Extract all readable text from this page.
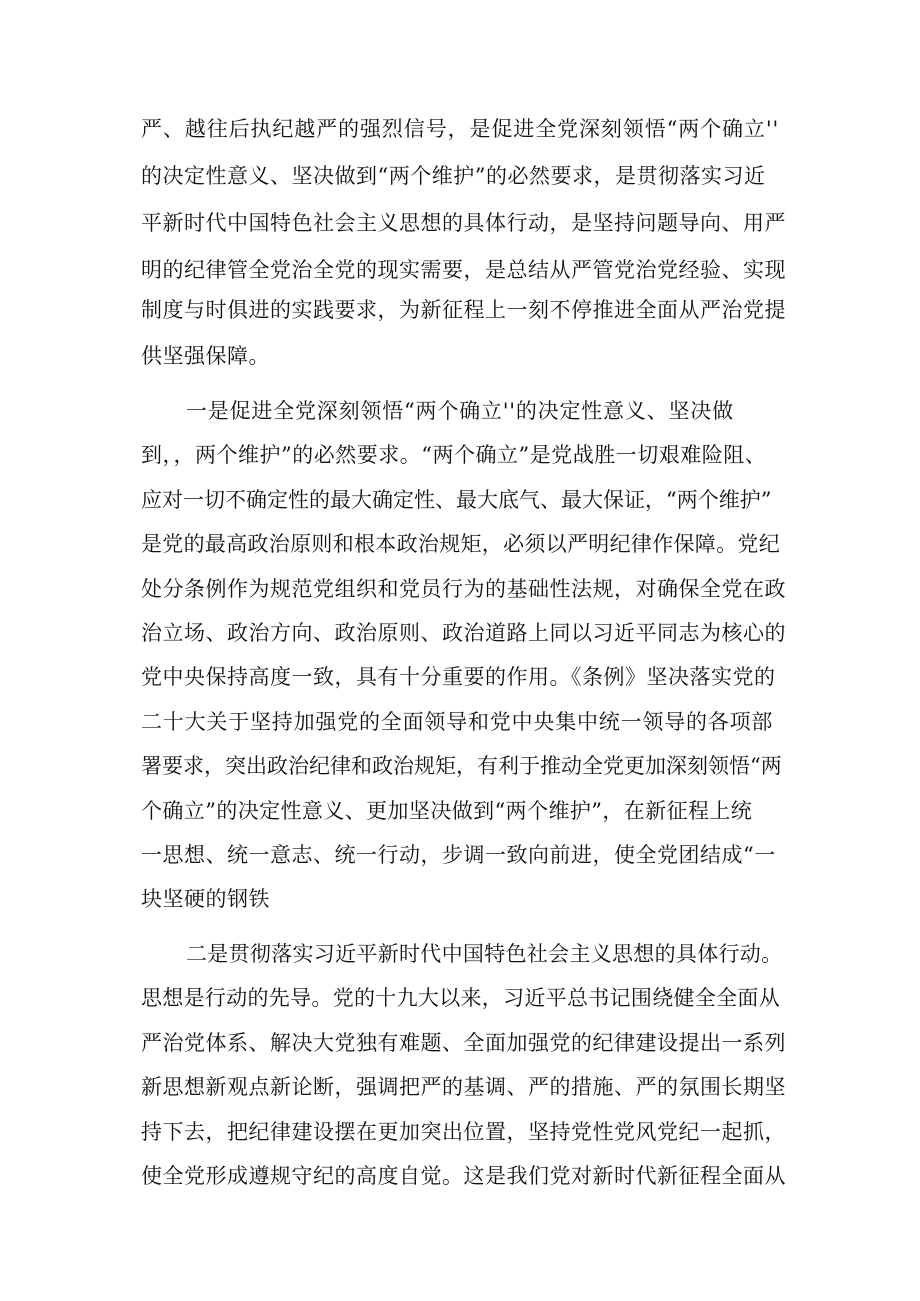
严、越往后执纪越严的强烈信号，是促进全党深刻领悟“两个确立''
的决定性意义、坚决做到“两个维护”的必然要求，是贯彻落实习近
平新时代中国特色社会主义思想的具体行动，是坚持问题导向、用严
明的纪律管全党治全党的现实需要，是总结从严管党治党经验、实现
制度与时俱进的实践要求，为新征程上一刻不停推进全面从严治党提
供坚强保障。
一是促进全党深刻领悟“两个确立''的决定性意义、坚决做
到，，两个维护”的必然要求。“两个确立”是党战胜一切艰难险阻、
应对一切不确定性的最大确定性、最大底气、最大保证，“两个维护”
是党的最高政治原则和根本政治规矩，必须以严明纪律作保障。党纪
处分条例作为规范党组织和党员行为的基础性法规，对确保全党在政
治立场、政治方向、政治原则、政治道路上同以习近平同志为核心的
党中央保持高度一致，具有十分重要的作用。《条例》坚决落实党的
二十大关于坚持加强党的全面领导和党中央集中统一领导的各项部
署要求，突出政治纪律和政治规矩，有利于推动全党更加深刻领悟“两
个确立”的决定性意义、更加坚决做到“两个维护”，在新征程上统
一思想、统一意志、统一行动，步调一致向前进，使全党团结成“一
块坚硬的钢铁
二是贯彻落实习近平新时代中国特色社会主义思想的具体行动。
思想是行动的先导。党的十九大以来，习近平总书记围绕健全全面从
严治党体系、解决大党独有难题、全面加强党的纪律建设提出一系列
新思想新观点新论断，强调把严的基调、严的措施、严的氛围长期坚
持下去，把纪律建设摆在更加突出位置，坚持党性党风党纪一起抓，
使全党形成遵规守纪的高度自觉。这是我们党对新时代新征程全面从
